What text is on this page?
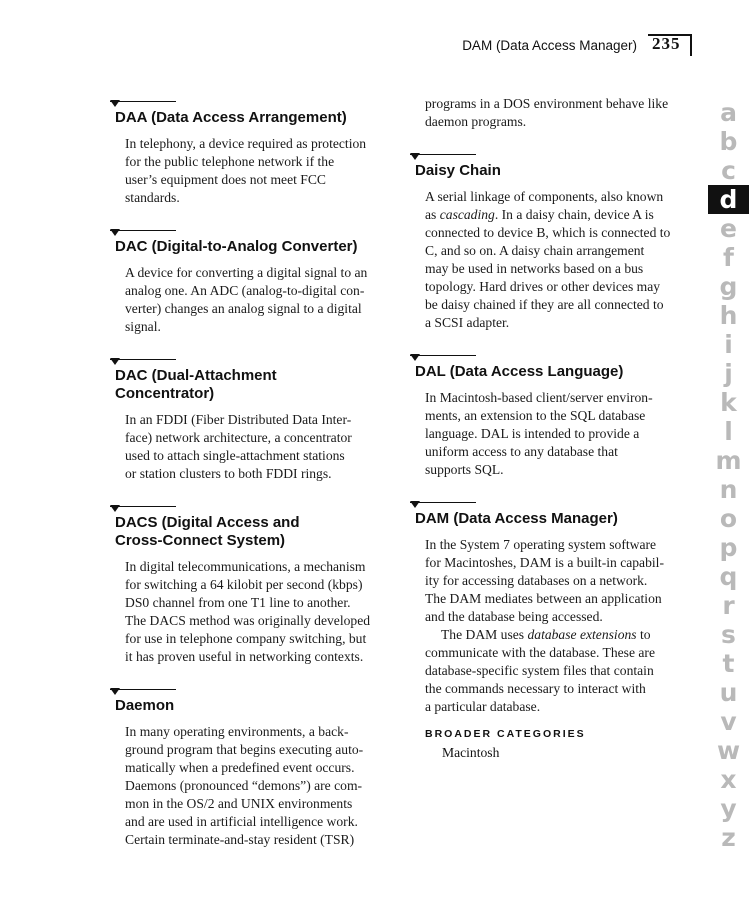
DAM (Data Access Manager) 235
DAA (Data Access Arrangement)

In telephony, a device required as protection

for the public telephone network if the

user’s equipment does not meet FCC

standards.

DAC (Digital-to-Analog Converter)

A device for converting a digital signal to an

analog one. An ADC (analog-to-digital con-

verter) changes an analog signal to a digital

signal.

DAC (Dual-Attachment
Concentrator)

In an FDDI (Fiber Distributed Data Inter-

face) network architecture, a concentrator

used to attach single-attachment stations

or station clusters to both FDDI rings.

DACS (Digital Access and
Cross-Connect System)

In digital telecommunications, a mechanism

for switching a 64 kilobit per second (kbps)

DS0 channel from one T1 line to another.

The DACS method was originally developed

for use in telephone company switching, but

it has proven useful in networking contexts.

Daemon

In many operating environments, a back-

ground program that begins executing auto-

matically when a predefined event occurs.

Daemons (pronounced “demons”) are com-

mon in the OS/2 and UNIX environments

and are used in artificial intelligence work.

Certain terminate-and-stay resident (TSR)

programs in a DOS environment behave like

daemon programs.

Daisy Chain

A serial linkage of components, also known

as cascading. In a daisy chain, device A is

connected to device B, which is connected to

C, and so on. A daisy chain arrangement

may be used in networks based on a bus

topology. Hard drives or other devices may

be daisy chained if they are all connected to

a SCSI adapter.

DAL (Data Access Language)

In Macintosh-based client/server environ-

ments, an extension to the SQL database

language. DAL is intended to provide a

uniform access to any database that

supports SQL.

DAM (Data Access Manager)

In the System 7 operating system software

for Macintoshes, DAM is a built-in capabil-

ity for accessing databases on a network.

The DAM mediates between an application

and the database being accessed.

The DAM uses database extensions to

communicate with the database. These are

database-specific system files that contain

the commands necessary to interact with

a particular database.

BROADER CATEGORIES
Macintosh
a
b
c
d
e
f
g
h
i
j
k
l
m
n
o
p
q
r
s
t
u
v
w
x
y
z
